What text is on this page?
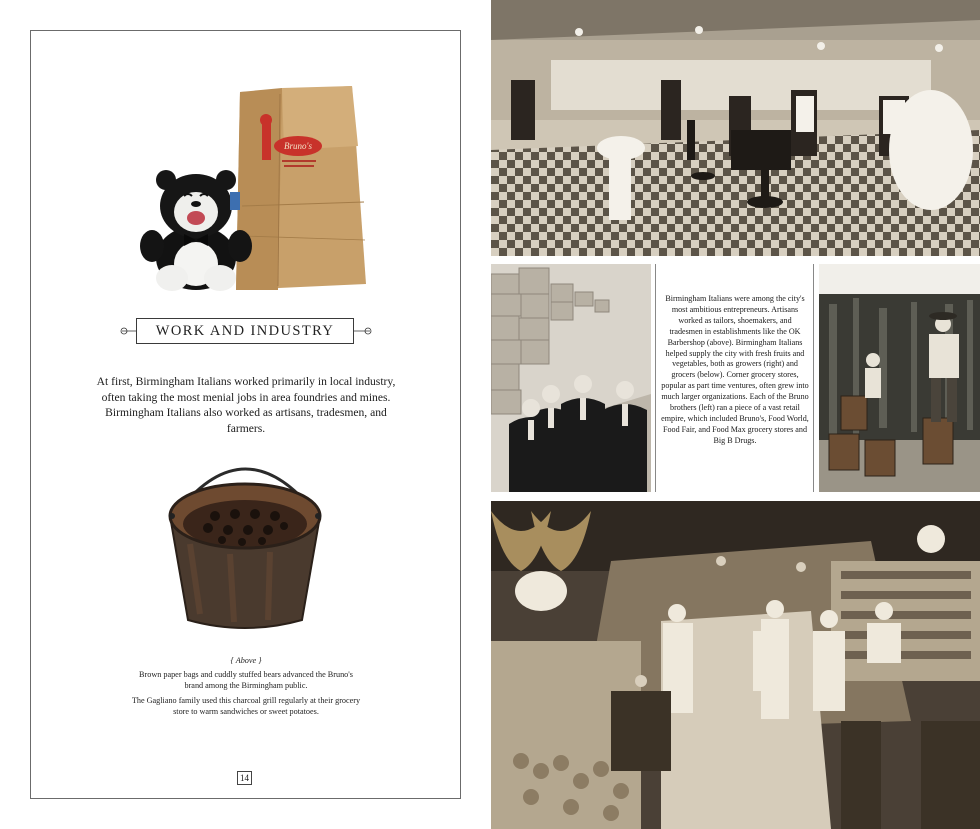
Bruno's
WORK AND INDUSTRY
At first, Birmingham Italians worked primarily in local industry, often taking the most menial jobs in area foundries and mines. Birmingham Italians also worked as artisans, tradesmen, and farmers.
{ Above }

Brown paper bags and cuddly stuffed bears advanced the Bruno's brand among the Birmingham public.

The Gagliano family used this charcoal grill regularly at their grocery store to warm sandwiches or sweet potatoes.

14
Birmingham Italians were among the city's most ambitious entrepreneurs. Artisans worked as tailors, shoemakers, and tradesmen in establishments like the OK Barbershop (above). Birmingham Italians helped supply the city with fresh fruits and vegetables, both as growers (right) and grocers (below). Corner grocery stores, popular as part time ventures, often grew into much larger organizations. Each of the Bruno brothers (left) ran a piece of a vast retail empire, which included Bruno's, Food World, Food Fair, and Food Max grocery stores and Big B Drugs.
